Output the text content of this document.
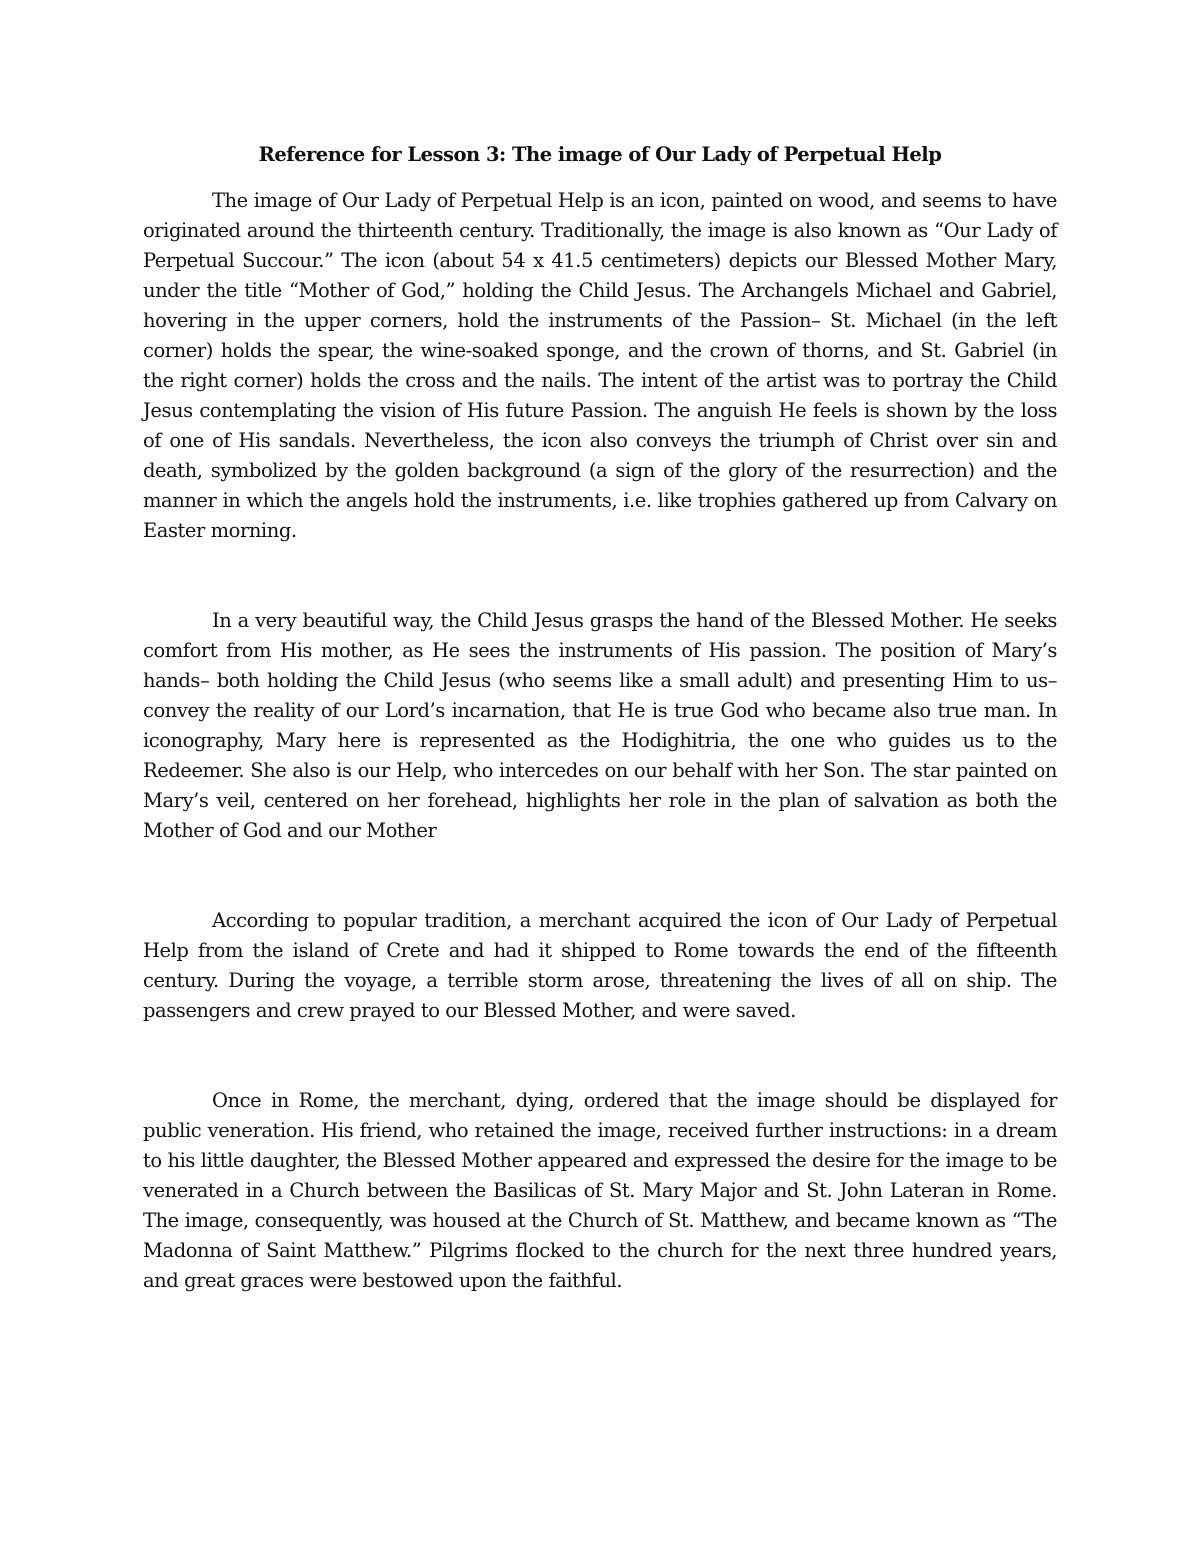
Reference for Lesson 3: The image of Our Lady of Perpetual Help

The image of Our Lady of Perpetual Help is an icon, painted on wood, and seems to have originated around the thirteenth century. Traditionally, the image is also known as “Our Lady of Perpetual Succour.” The icon (about 54 x 41.5 centimeters) depicts our Blessed Mother Mary, under the title “Mother of God,” holding the Child Jesus. The Archangels Michael and Gabriel, hovering in the upper corners, hold the instruments of the Passion– St. Michael (in the left corner) holds the spear, the wine-soaked sponge, and the crown of thorns, and St. Gabriel (in the right corner) holds the cross and the nails. The intent of the artist was to portray the Child Jesus contemplating the vision of His future Passion. The anguish He feels is shown by the loss of one of His sandals. Nevertheless, the icon also conveys the triumph of Christ over sin and death, symbolized by the golden background (a sign of the glory of the resurrection) and the manner in which the angels hold the instruments, i.e. like trophies gathered up from Calvary on Easter morning.

In a very beautiful way, the Child Jesus grasps the hand of the Blessed Mother. He seeks comfort from His mother, as He sees the instruments of His passion. The position of Mary’s hands– both holding the Child Jesus (who seems like a small adult) and presenting Him to us– convey the reality of our Lord’s incarnation, that He is true God who became also true man. In iconography, Mary here is represented as the Hodighitria, the one who guides us to the Redeemer. She also is our Help, who intercedes on our behalf with her Son. The star painted on Mary’s veil, centered on her forehead, highlights her role in the plan of salvation as both the Mother of God and our Mother

According to popular tradition, a merchant acquired the icon of Our Lady of Perpetual Help from the island of Crete and had it shipped to Rome towards the end of the fifteenth century. During the voyage, a terrible storm arose, threatening the lives of all on ship. The passengers and crew prayed to our Blessed Mother, and were saved.

Once in Rome, the merchant, dying, ordered that the image should be displayed for public veneration. His friend, who retained the image, received further instructions: in a dream to his little daughter, the Blessed Mother appeared and expressed the desire for the image to be venerated in a Church between the Basilicas of St. Mary Major and St. John Lateran in Rome. The image, consequently, was housed at the Church of St. Matthew, and became known as “The Madonna of Saint Matthew.” Pilgrims flocked to the church for the next three hundred years, and great graces were bestowed upon the faithful.
